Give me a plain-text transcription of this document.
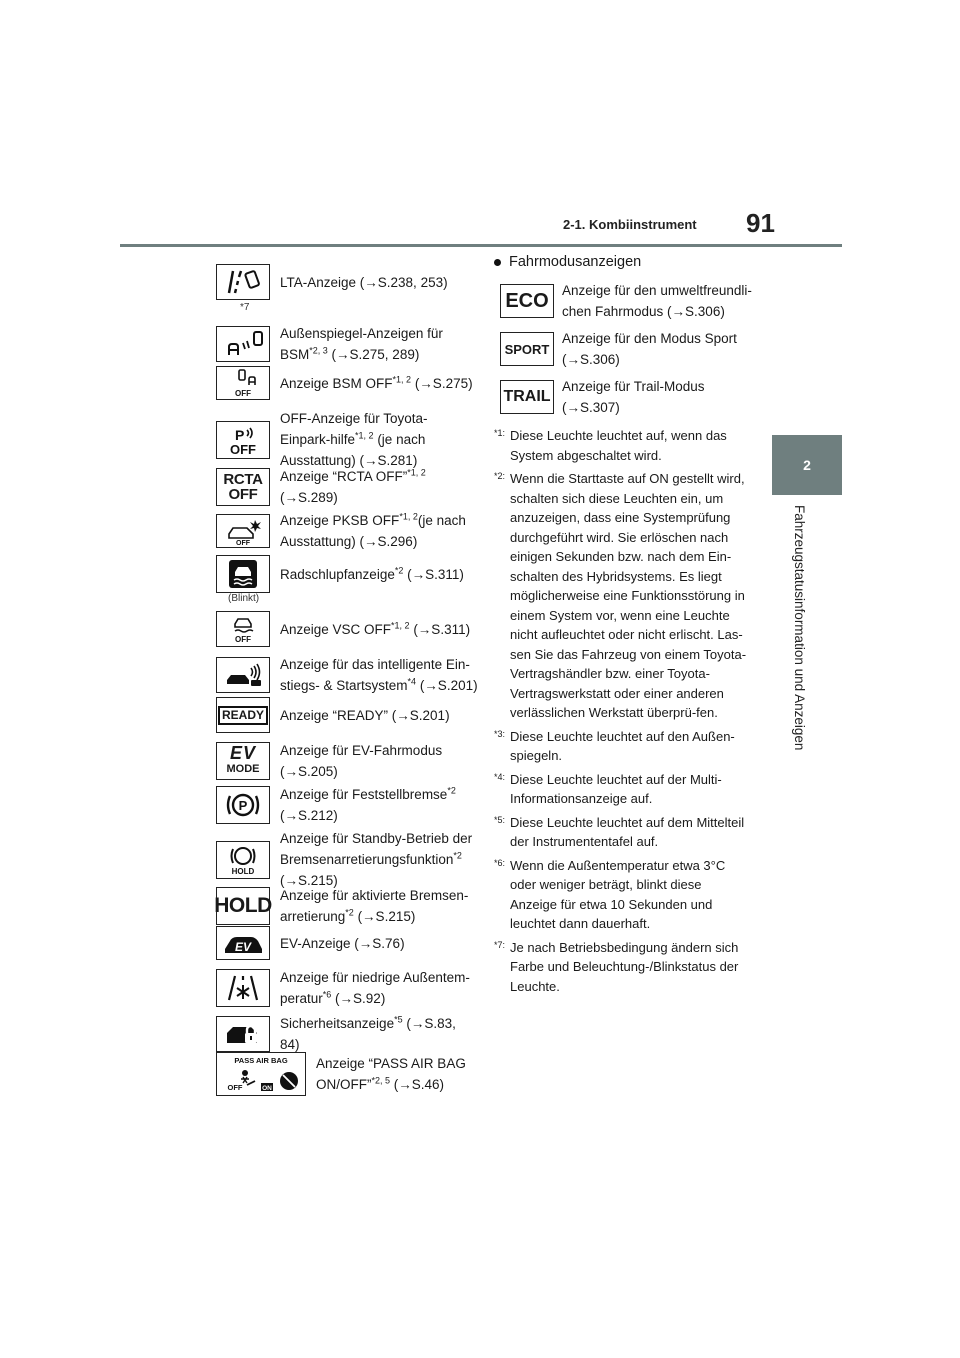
2-1. Kombiinstrument 91
2
Fahrzeugstatusinformation und Anzeigen
LTA-Anzeige (→S.238, 253)
*7
Außenspiegel-Anzeigen für BSM$^{*2, 3}$ (→S.275, 289)
OFF
Anzeige BSM OFF$^{*1, 2}$ (→S.275)
P
OFF
OFF-Anzeige für Toyota-Einpark-hilfe$^{*1, 2}$ (je nach Ausstattung) (→S.281)
RCTA
OFF
Anzeige “RCTA OFF”$^{*1, 2}$ (→S.289)
OFF
Anzeige PKSB OFF$^{*1, 2}$(je nach Ausstattung) (→S.296)
Radschlupfanzeige$^{*2}$ (→S.311)
(Blinkt)
OFF
Anzeige VSC OFF$^{*1, 2}$ (→S.311)
Anzeige für das intelligente Ein-stiegs- & Startsystem$^{*4}$ (→S.201)
READY Anzeige “READY” (→S.201)
EV
MODE
Anzeige für EV-Fahrmodus (→S.205)
P
Anzeige für Feststellbremse$^{*2}$ (→S.212)
HOLD
Anzeige für Standby-Betrieb der Bremsenarretierungsfunktion$^{*2}$ (→S.215)
HOLD Anzeige für aktivierte Bremsen-arretierung$^{*2}$ (→S.215)
EV EV-Anzeige (→S.76)
Anzeige für niedrige Außentem-peratur$^{*6}$ (→S.92)
Sicherheitsanzeige$^{*5}$ (→S.83, 84)
PASS AIR BAG
OFF	ON
Anzeige “PASS AIR BAG ON/OFF”$^{*2, 5}$ (→S.46)
Fahrmodusanzeigen
ECO Anzeige für den umweltfreundli-chen Fahrmodus (→S.306)
SPORT
Anzeige für den Modus Sport (→S.306)
TRAIL
Anzeige für Trail-Modus (→S.307)
*1: Diese Leuchte leuchtet auf, wenn das System abgeschaltet wird.
*2: Wenn die Starttaste auf ON gestellt wird, schalten sich diese Leuchten ein, um anzuzeigen, dass eine Systemprüfung durchgeführt wird. Sie erlöschen nach einigen Sekunden bzw. nach dem Ein-schalten des Hybridsystems. Es liegt möglicherweise eine Funktionsstörung in einem System vor, wenn eine Leuchte nicht aufleuchtet oder nicht erlischt. Las-sen Sie das Fahrzeug von einem Toyota-Vertragshändler bzw. einer Toyota-Vertragswerkstatt oder einer anderen verlässlichen Werkstatt überprü-fen.
*3: Diese Leuchte leuchtet auf den Außen-spiegeln.
*4: Diese Leuchte leuchtet auf der Multi-Informationsanzeige auf.
*5: Diese Leuchte leuchtet auf dem Mittelteil der Instrumententafel auf.
*6: Wenn die Außentemperatur etwa 3°C oder weniger beträgt, blinkt diese Anzeige für etwa 10 Sekunden und leuchtet dann dauerhaft.
*7: Je nach Betriebsbedingung ändern sich Farbe und Beleuchtung-/Blinkstatus der Leuchte.
